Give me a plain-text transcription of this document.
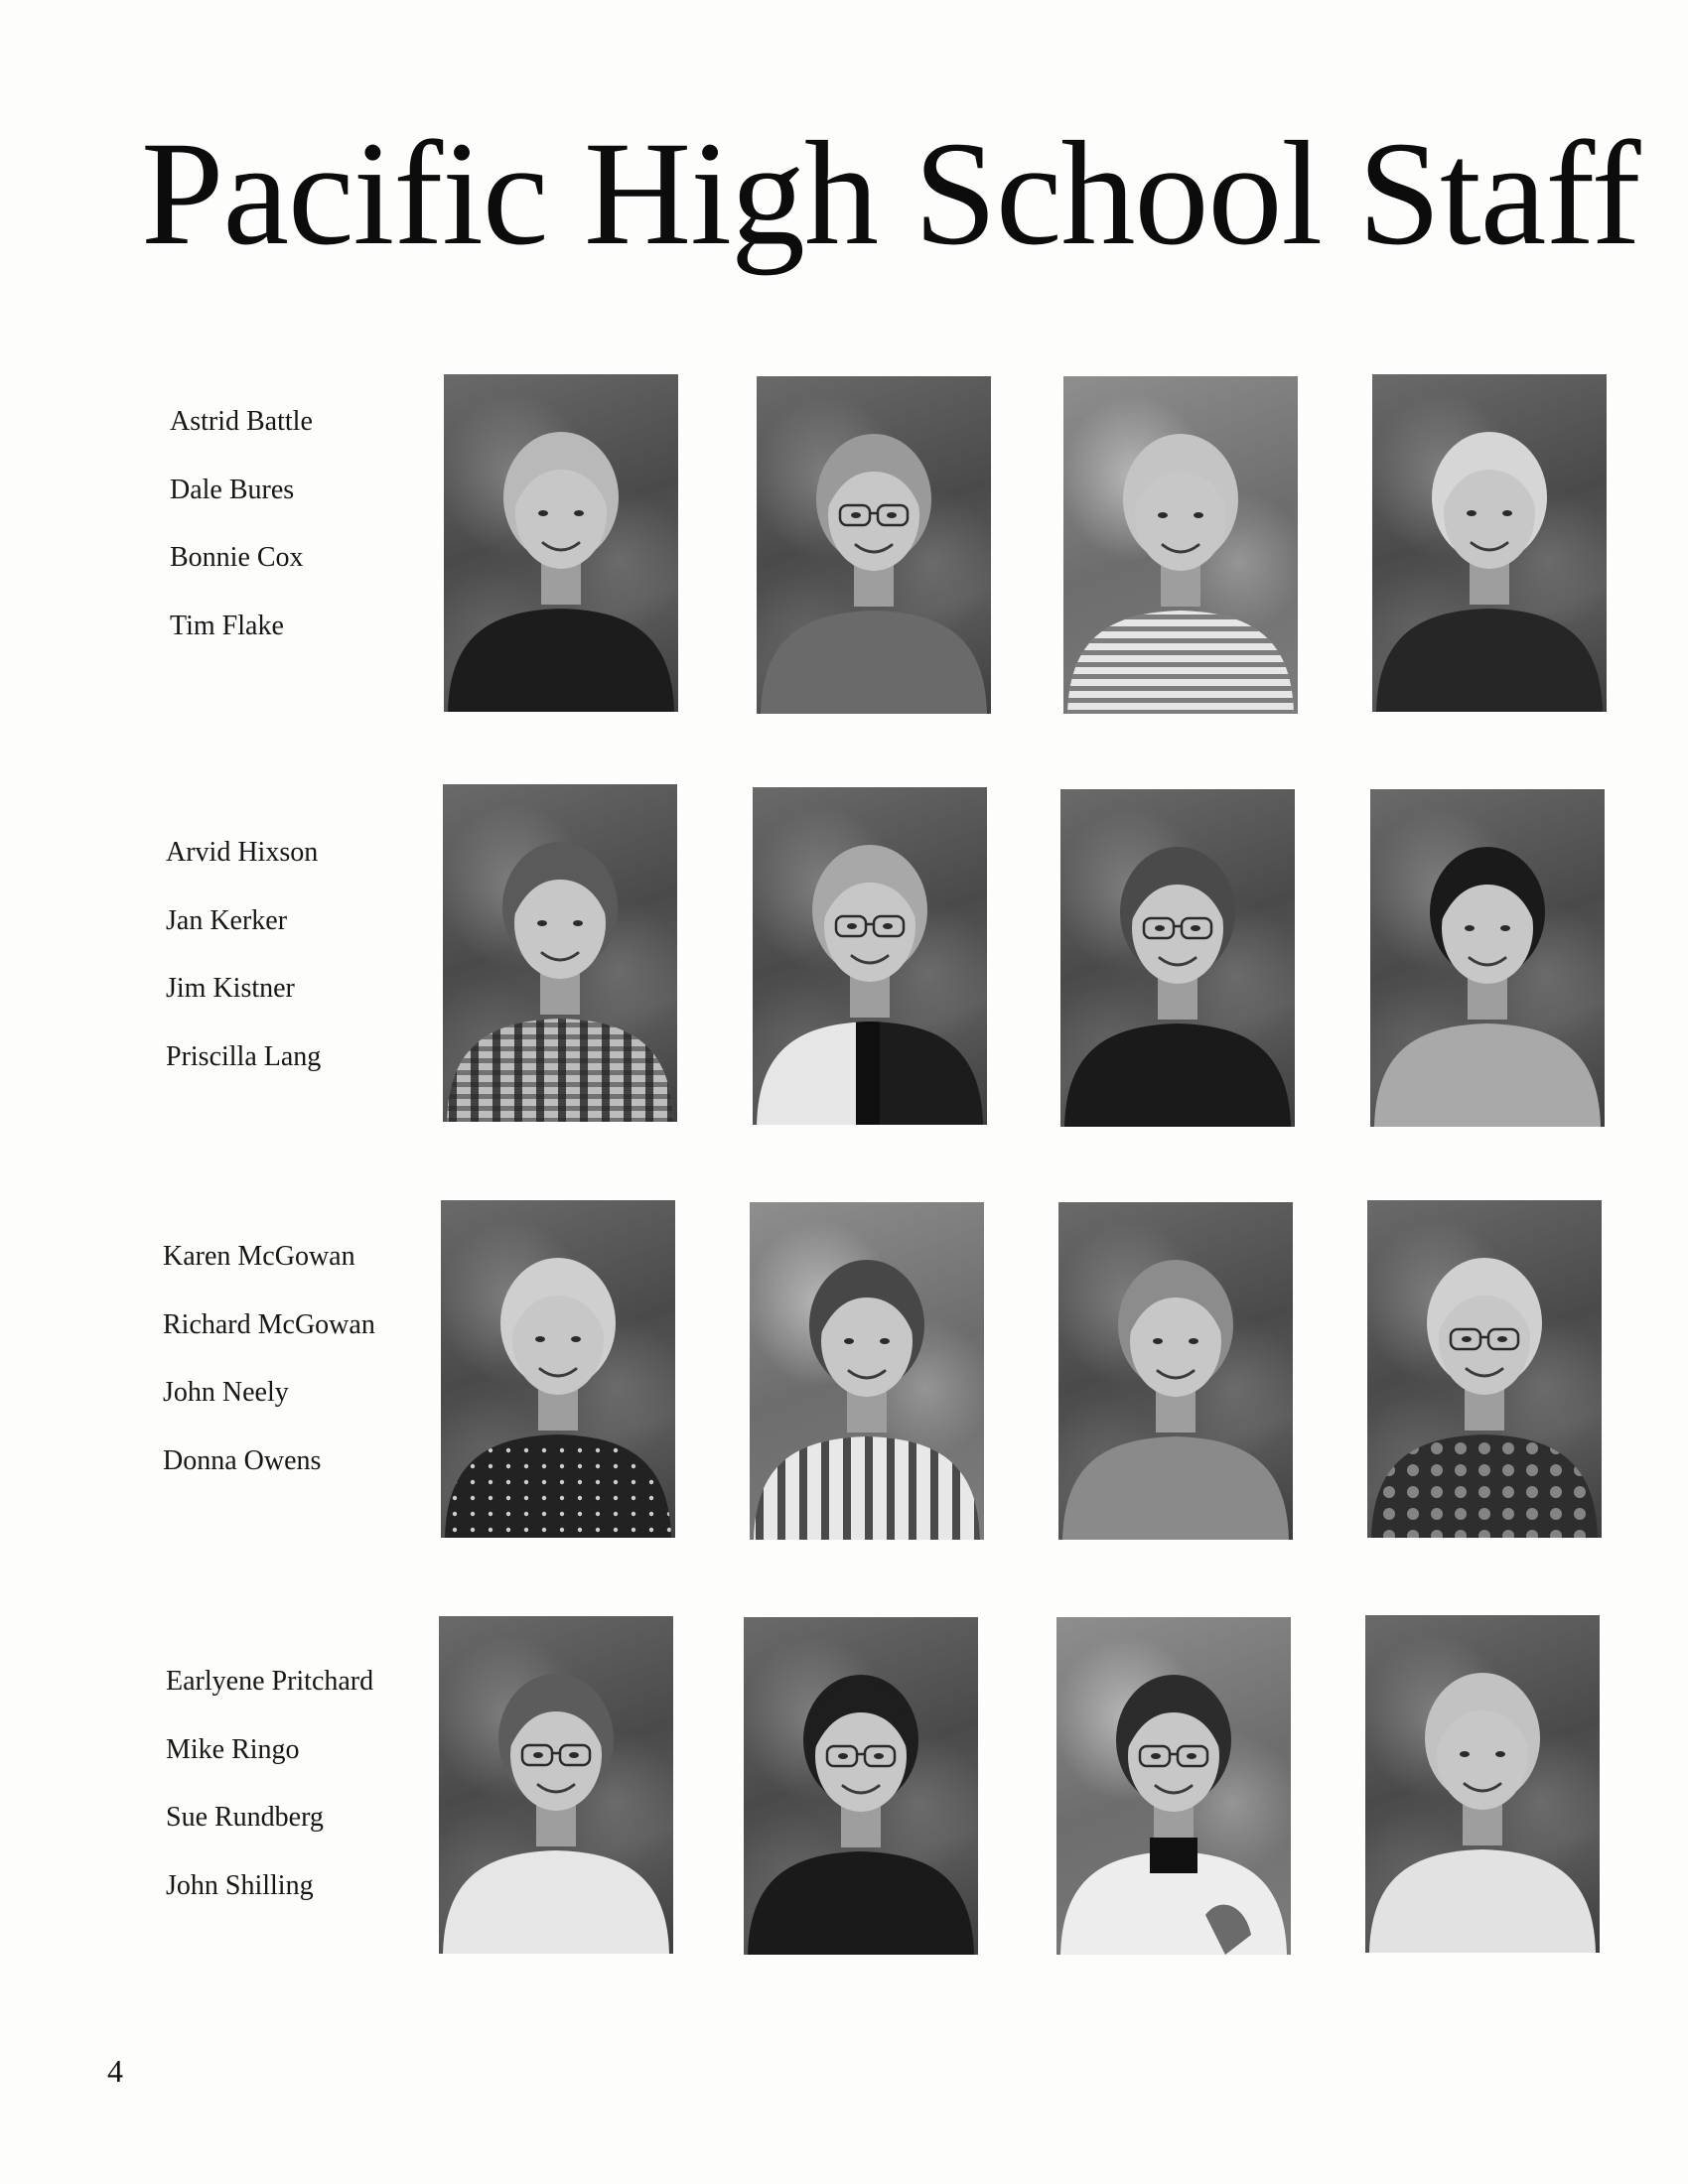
Pacific High School Staff
Astrid Battle
Dale Bures
Bonnie Cox
Tim Flake
Arvid Hixson
Jan Kerker
Jim Kistner
Priscilla Lang
Karen McGowan
Richard McGowan
John Neely
Donna Owens
Earlyene Pritchard
Mike Ringo
Sue Rundberg
John Shilling
4
